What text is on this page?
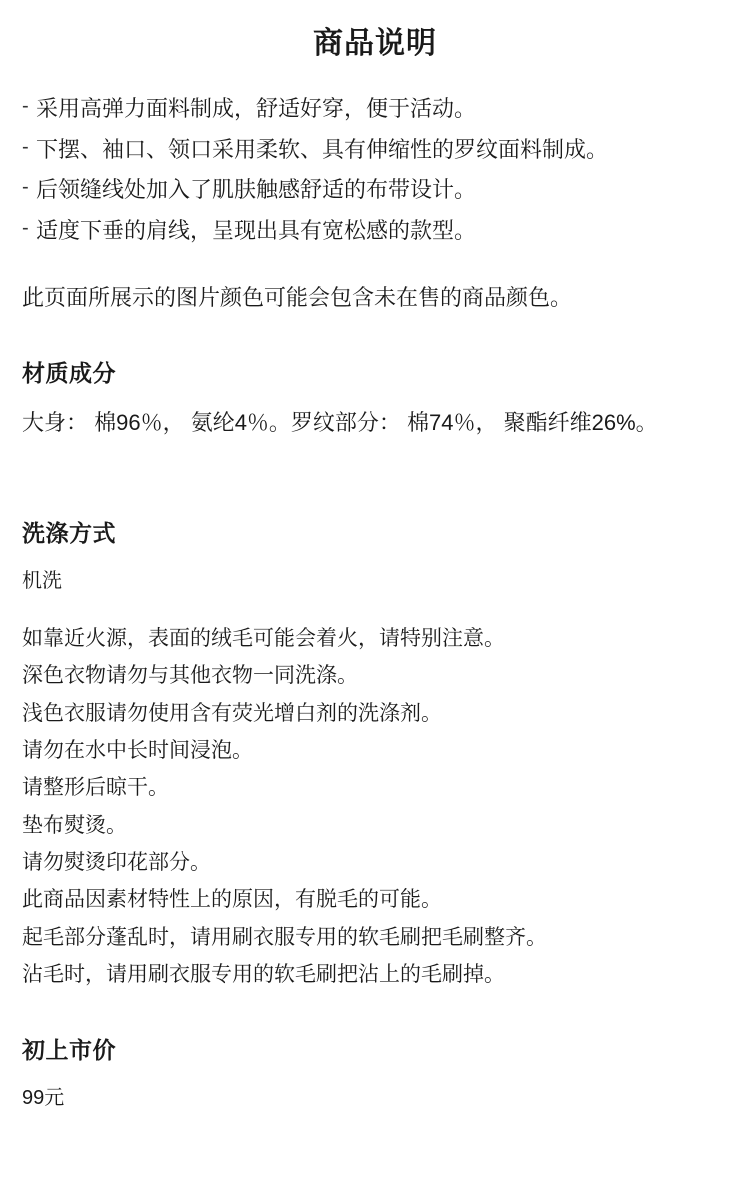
商品说明
- 采用高弹力面料制成，舒适好穿，便于活动。
- 下摆、袖口、领口采用柔软、具有伸缩性的罗纹面料制成。
- 后领缝线处加入了肌肤触感舒适的布带设计。
- 适度下垂的肩线，呈现出具有宽松感的款型。

此页面所展示的图片颜色可能会包含未在售的商品颜色。

材质成分

大身： 棉96％， 氨纶4％。罗纹部分： 棉74％， 聚酯纤维26%。

洗涤方式

机洗

如靠近火源，表面的绒毛可能会着火，请特别注意。
深色衣物请勿与其他衣物一同洗涤。
浅色衣服请勿使用含有荧光增白剂的洗涤剂。
请勿在水中长时间浸泡。
请整形后晾干。
垫布熨烫。
请勿熨烫印花部分。
此商品因素材特性上的原因，有脱毛的可能。
起毛部分蓬乱时，请用刷衣服专用的软毛刷把毛刷整齐。
沾毛时，请用刷衣服专用的软毛刷把沾上的毛刷掉。
初上市价

99元
